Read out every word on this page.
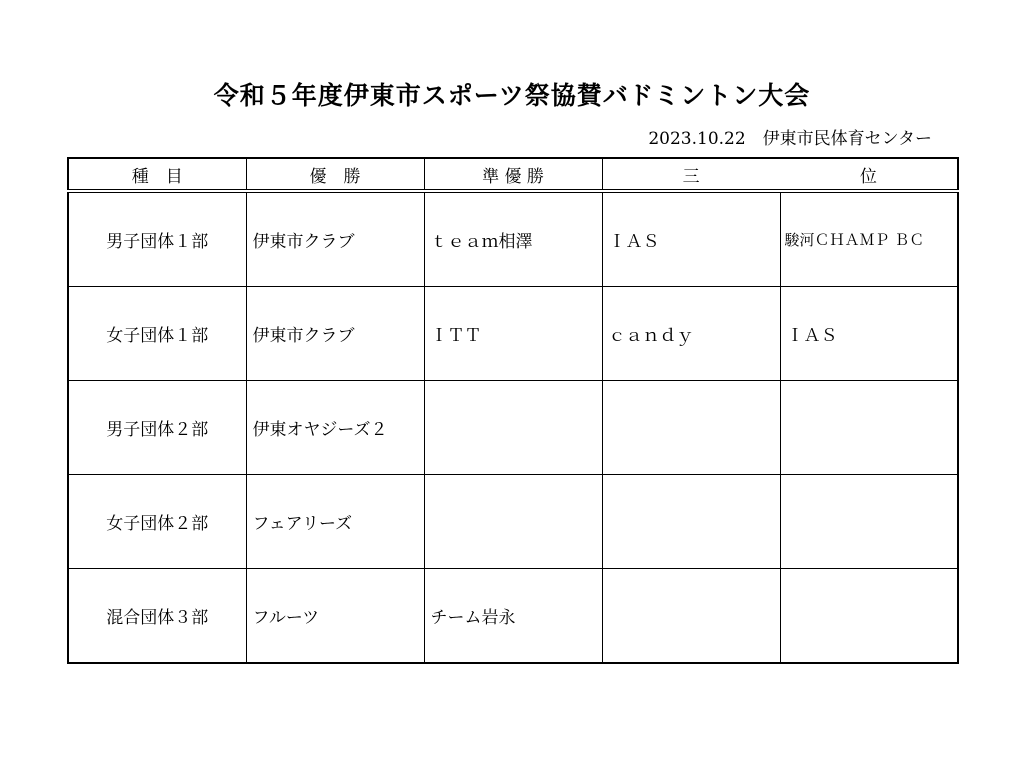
令和５年度伊東市スポーツ祭協賛バドミントン大会
2023.10.22　伊東市民体育センター
種　目	優　勝	準 優 勝	三 位	

男子団体１部	伊東市クラブ	ｔｅａｍ相澤	ＩＡＳ	駿河ＣＨＡＭＰ ＢＣ
女子団体１部	伊東市クラブ	ＩＴＴ	ｃａｎｄｙ	ＩＡＳ
男子団体２部	伊東オヤジーズ２			
女子団体２部	フェアリーズ			
混合団体３部	フルーツ	チーム岩永		
